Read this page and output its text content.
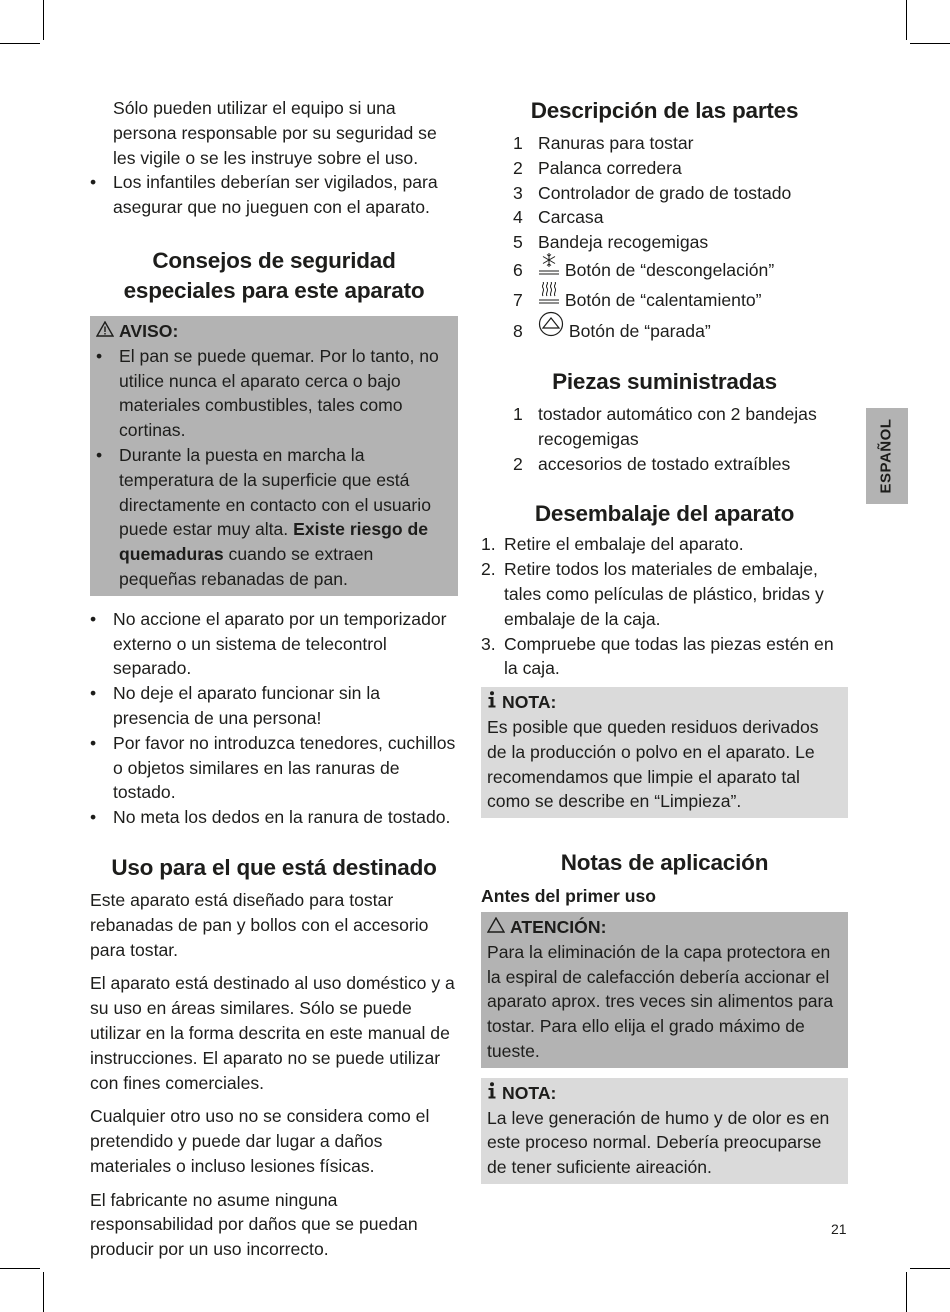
Sólo pueden utilizar el equipo si una persona responsable por su seguridad se les vigile o se les instruye sobre el uso.

• Los infantiles deberían ser vigilados, para asegurar que no jueguen con el aparato.
Consejos de seguridad
especiales para este aparato
AVISO:
• El pan se puede quemar. Por lo tanto, no utilice nunca el aparato cerca o bajo materiales combustibles, tales como cortinas.
• Durante la puesta en marcha la temperatura de la superficie que está directamente en contacto con el usuario puede estar muy alta. Existe riesgo de quemaduras cuando se extraen pequeñas rebanadas de pan.
• No accione el aparato por un temporizador externo o un sistema de telecontrol separado.
• No deje el aparato funcionar sin la presencia de una persona!
• Por favor no introduzca tenedores, cuchillos o objetos similares en las ranuras de tostado.
• No meta los dedos en la ranura de tostado.
Uso para el que está destinado

Este aparato está diseñado para tostar rebanadas de pan y bollos con el accesorio para tostar.

El aparato está destinado al uso doméstico y a su uso en áreas similares. Sólo se puede utilizar en la forma descrita en este manual de instrucciones. El aparato no se puede utilizar con fines comerciales.

Cualquier otro uso no se considera como el pretendido y puede dar lugar a daños materiales o incluso lesiones físicas.

El fabricante no asume ninguna responsabilidad por daños que se puedan producir por un uso incorrecto.

Descripción de las partes
1 Ranuras para tostar
2 Palanca corredera
3 Controlador de grado de tostado
4 Carcasa
5 Bandeja recogemigas
6 Botón de “descongelación”
7 Botón de “calentamiento”
8	Botón de “parada”
Piezas suministradas
1 tostador automático con 2 bandejas recogemigas
2 accesorios de tostado extraíbles
Desembalaje del aparato
1. Retire el embalaje del aparato.
2. Retire todos los materiales de embalaje, tales como películas de plástico, bridas y embalaje de la caja.
3. Compruebe que todas las piezas estén en la caja.
NOTA:

Es posible que queden residuos derivados de la producción o polvo en el aparato. Le recomendamos que limpie el aparato tal como se describe en “Limpieza”.

Notas de aplicación
Antes del primer uso
ATENCIÓN:

Para la eliminación de la capa protectora en la espiral de calefacción debería accionar el aparato aprox. tres veces sin alimentos para tostar. Para ello elija el grado máximo de tueste.

NOTA:

La leve generación de humo y de olor es en este proceso normal. Debería preocuparse de tener suficiente aireación.

ESPAÑOL
21
